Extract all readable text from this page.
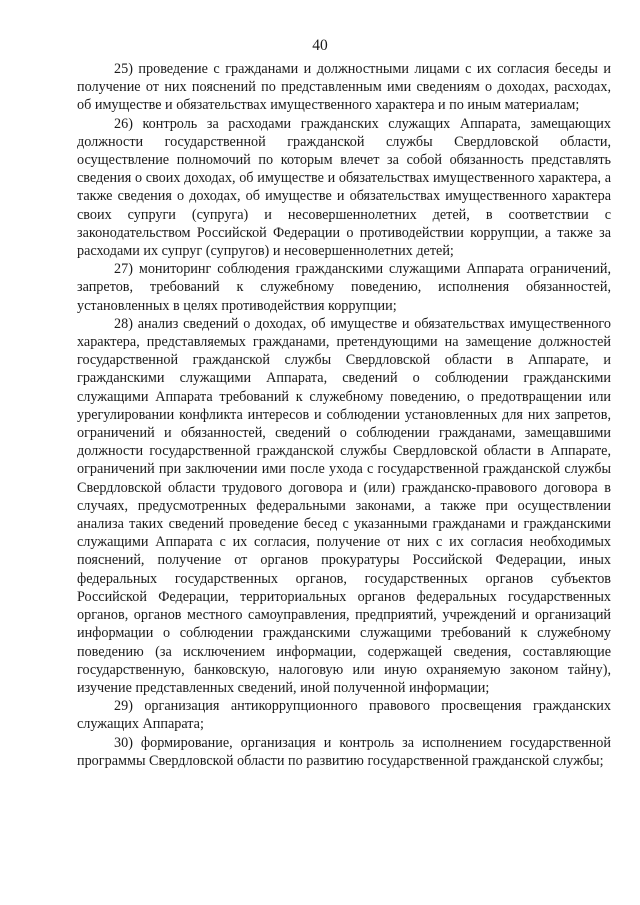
40

25) проведение с гражданами и должностными лицами с их согласия беседы и получение от них пояснений по представленным ими сведениям о доходах, расходах, об имуществе и обязательствах имущественного характера и по иным материалам;

26) контроль за расходами гражданских служащих Аппарата, замещающих должности государственной гражданской службы Свердловской области, осуществление полномочий по которым влечет за собой обязанность представлять сведения о своих доходах, об имуществе и обязательствах имущественного характера, а также сведения о доходах, об имуществе и обязательствах имущественного характера своих супруги (супруга) и несовершеннолетних детей, в соответствии с законодательством Российской Федерации о противодействии коррупции, а также за расходами их супруг (супругов) и несовершеннолетних детей;

27) мониторинг соблюдения гражданскими служащими Аппарата ограничений, запретов, требований к служебному поведению, исполнения обязанностей, установленных в целях противодействия коррупции;

28) анализ сведений о доходах, об имуществе и обязательствах имущественного характера, представляемых гражданами, претендующими на замещение должностей государственной гражданской службы Свердловской области в Аппарате, и гражданскими служащими Аппарата, сведений о соблюдении гражданскими служащими Аппарата требований к служебному поведению, о предотвращении или урегулировании конфликта интересов и соблюдении установленных для них запретов, ограничений и обязанностей, сведений о соблюдении гражданами, замещавшими должности государственной гражданской службы Свердловской области в Аппарате, ограничений при заключении ими после ухода с государственной гражданской службы Свердловской области трудового договора и (или) гражданско-правового договора в случаях, предусмотренных федеральными законами, а также при осуществлении анализа таких сведений проведение бесед с указанными гражданами и гражданскими служащими Аппарата с их согласия, получение от них с их согласия необходимых пояснений, получение от органов прокуратуры Российской Федерации, иных федеральных государственных органов, государственных органов субъектов Российской Федерации, территориальных органов федеральных государственных органов, органов местного самоуправления, предприятий, учреждений и организаций информации о соблюдении гражданскими служащими требований к служебному поведению (за исключением информации, содержащей сведения, составляющие государственную, банковскую, налоговую или иную охраняемую законом тайну), изучение представленных сведений, иной полученной информации;

29) организация антикоррупционного правового просвещения гражданских служащих Аппарата;

30) формирование, организация и контроль за исполнением государственной программы Свердловской области по развитию государственной гражданской службы;
